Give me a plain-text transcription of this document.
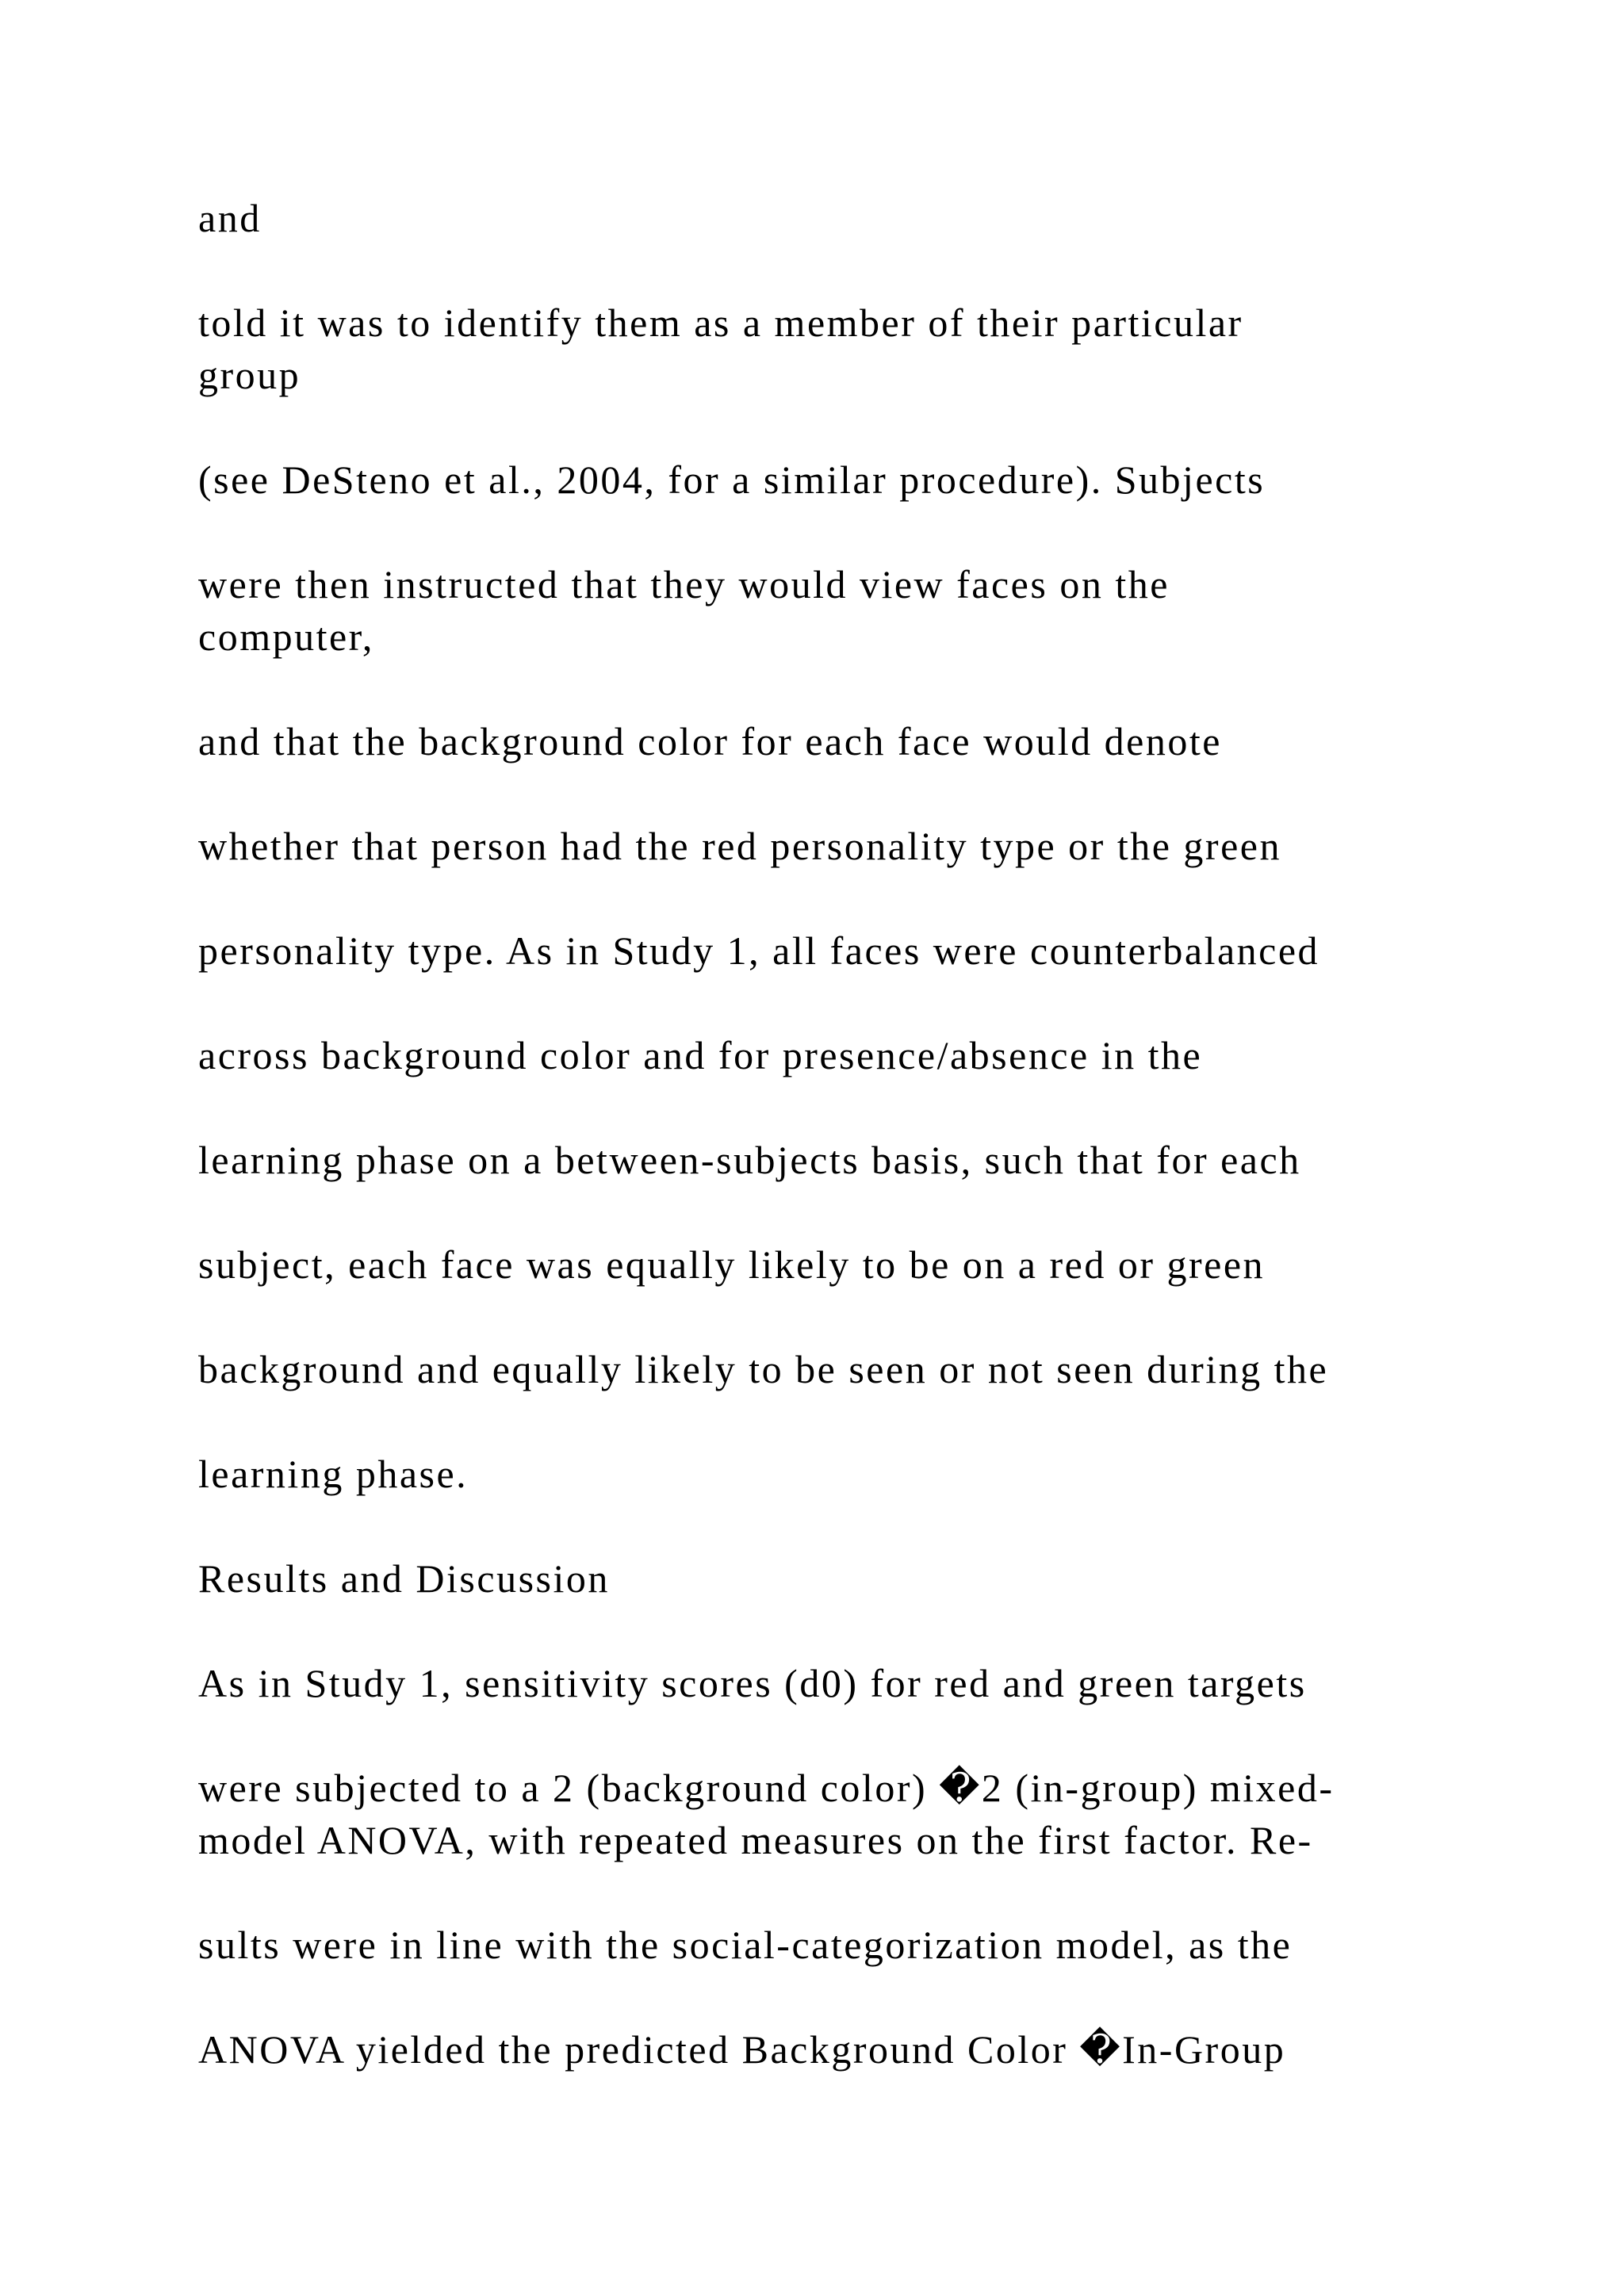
and

told it was to identify them as a member of their particular
group

(see DeSteno et al., 2004, for a similar procedure). Subjects

were then instructed that they would view faces on the
computer,

and that the background color for each face would denote

whether that person had the red personality type or the green

personality type. As in Study 1, all faces were counterbalanced

across background color and for presence/absence in the

learning phase on a between-subjects basis, such that for each

subject, each face was equally likely to be on a red or green

background and equally likely to be seen or not seen during the

learning phase.

Results and Discussion

As in Study 1, sensitivity scores (d0) for red and green targets

were subjected to a 2 (background color) �2 (in-group) mixed-
model ANOVA, with repeated measures on the first factor. Re-

sults were in line with the social-categorization model, as the

ANOVA yielded the predicted Background Color �In-Group
